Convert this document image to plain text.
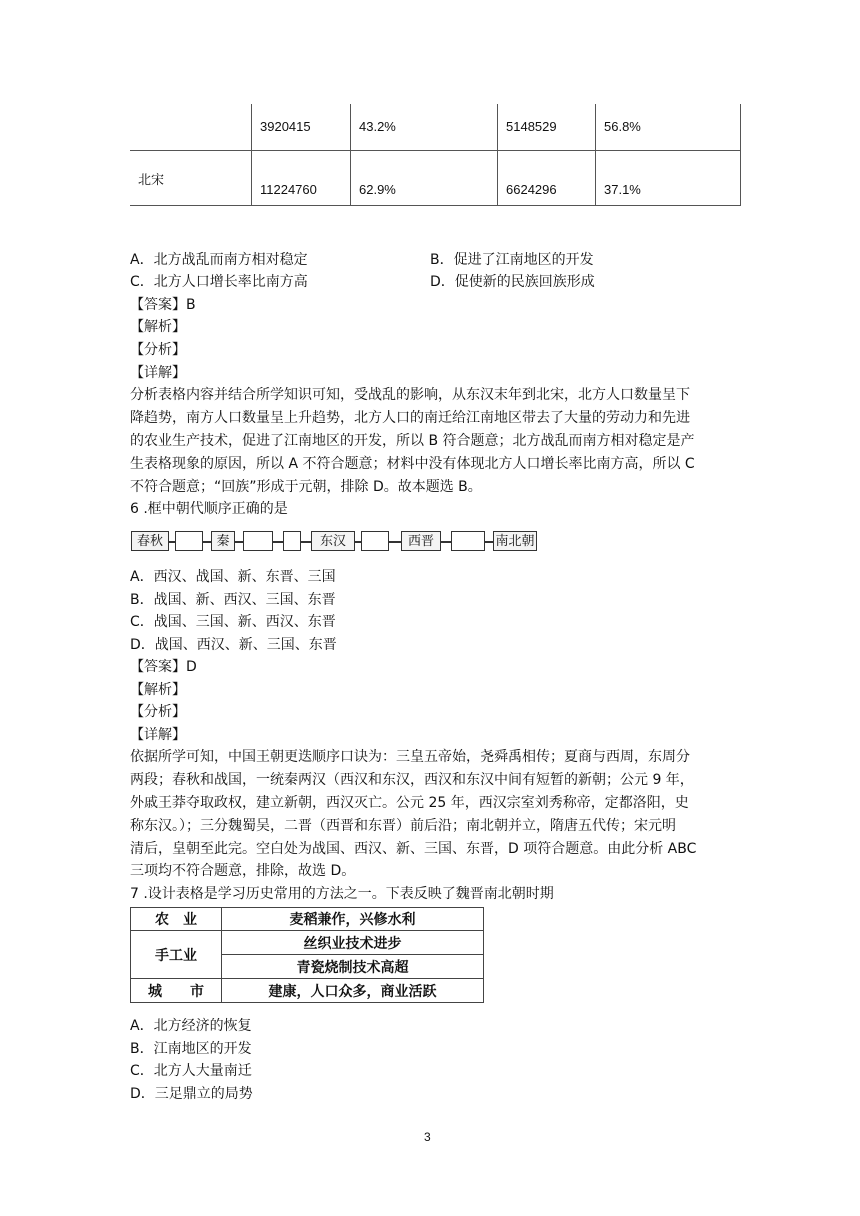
	3920415	43.2%	5148529	56.8%
北宋	11224760	62.9%	6624296	37.1%
A．北方战乱而南方相对稳定	B．促进了江南地区的开发
C．北方人口增长率比南方高	D．促使新的民族回族形成
【答案】B
【解析】
【分析】
【详解】
分析表格内容并结合所学知识可知，受战乱的影响，从东汉末年到北宋，北方人口数量呈下
降趋势，南方人口数量呈上升趋势，北方人口的南迁给江南地区带去了大量的劳动力和先进
的农业生产技术，促进了江南地区的开发，所以 B 符合题意；北方战乱而南方相对稳定是产
生表格现象的原因，所以 A 不符合题意；材料中没有体现北方人口增长率比南方高，所以 C
不符合题意；“回族”形成于元朝，排除 D。故本题选 B。
6 .框中朝代顺序正确的是
春秋	秦	东汉	西晋	南北朝
A．西汉、战国、新、东晋、三国
B．战国、新、西汉、三国、东晋
C．战国、三国、新、西汉、东晋
D．战国、西汉、新、三国、东晋
【答案】D
【解析】
【分析】
【详解】
依据所学可知，中国王朝更迭顺序口诀为：三皇五帝始，尧舜禹相传；夏商与西周，东周分
两段；春秋和战国，一统秦两汉（西汉和东汉，西汉和东汉中间有短暂的新朝；公元 9 年，
外戚王莽夺取政权，建立新朝，西汉灭亡。公元 25 年，西汉宗室刘秀称帝，定都洛阳，史
称东汉。）；三分魏蜀吴，二晋（西晋和东晋）前后沿；南北朝并立，隋唐五代传；宋元明
清后，皇朝至此完。空白处为战国、西汉、新、三国、东晋，D 项符合题意。由此分析 ABC
三项均不符合题意，排除，故选 D。
7 .设计表格是学习历史常用的方法之一。下表反映了魏晋南北朝时期
农　业	麦稻兼作，兴修水利
手工业	丝织业技术进步
	青瓷烧制技术高超
城　　市	建康，人口众多，商业活跃
A．北方经济的恢复
B．江南地区的开发
C．北方人大量南迁
D．三足鼎立的局势
3
